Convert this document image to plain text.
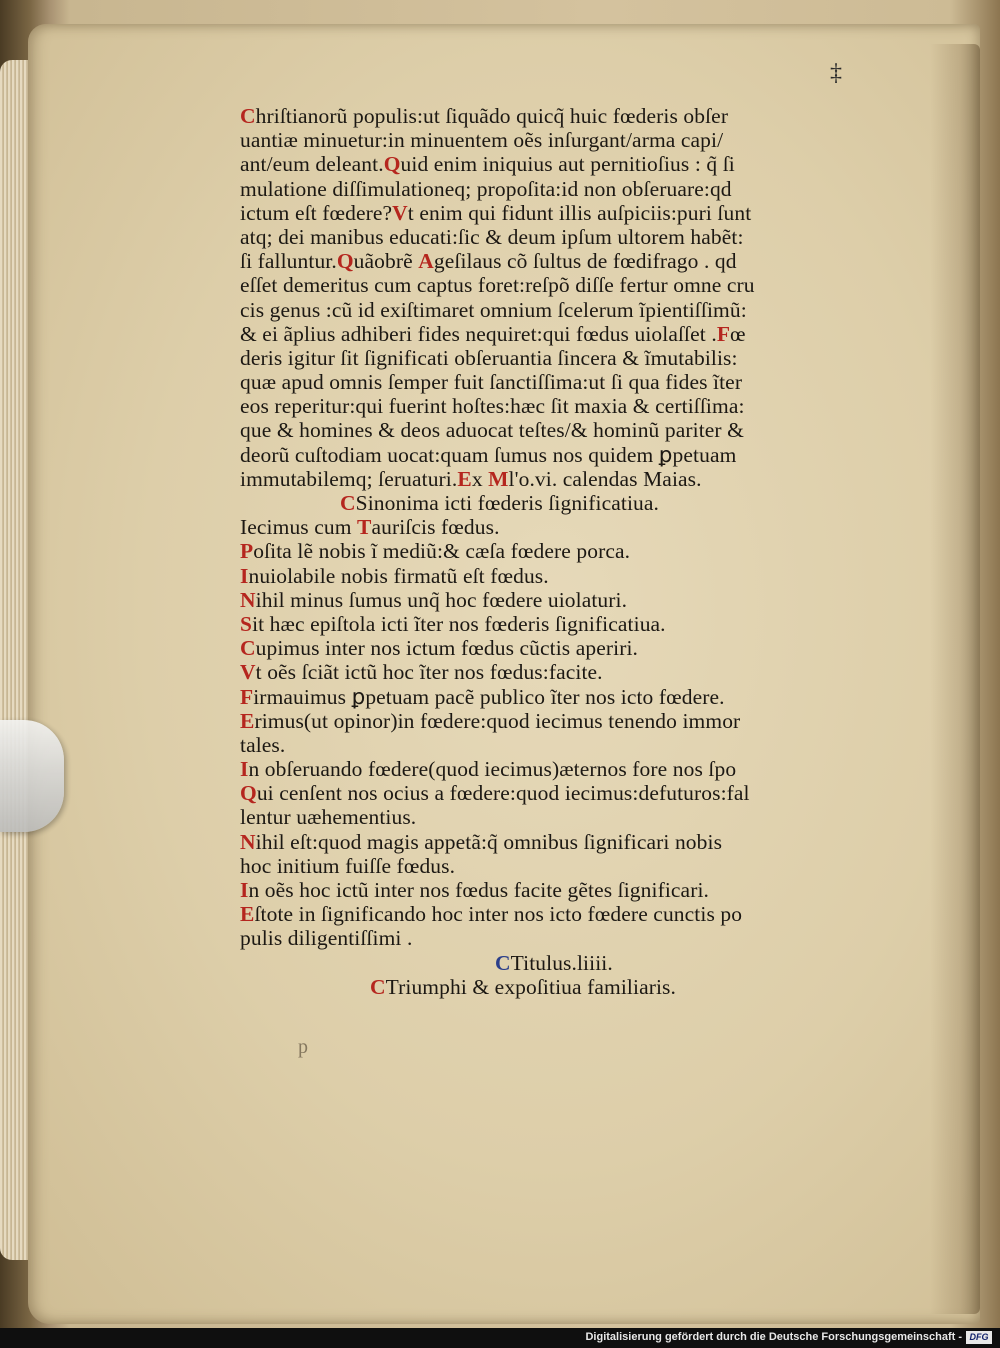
‡
Chriſtianorũ populis:ut ſiquãdo quicq̃ huic fœderis obſer
uantiæ minuetur:in minuentem oẽs inſurgant/arma capi/
ant/eum deleant.Quid enim iniquius aut pernitioſius : q̃ ſi
mulatione diſſimulationeq; propoſita:id non obſeruare:qd
ictum eſt fœdere?Vt enim qui fidunt illis auſpiciis:puri ſunt
atq; dei manibus educati:ſic & deum ipſum ultorem habẽt:
ſi falluntur.Quãobrẽ Ageſilaus cõ ſultus de fœdifrago . qd
eſſet demeritus cum captus foret:reſpõ diſſe fertur omne cru
cis genus :cũ id exiſtimaret omnium ſcelerum ĩpientiſſimũ:
& ei ãplius adhiberi fides nequiret:qui fœdus uiolaſſet .Fœ
deris igitur ſit ſignificati obſeruantia ſincera & ĩmutabilis:
quæ apud omnis ſemper fuit ſanctiſſima:ut ſi qua fides ĩter
eos reperitur:qui fuerint hoſtes:hæc ſit maxia & certiſſima:
que & homines & deos aduocat teſtes/& hominũ pariter &
deorũ cuſtodiam uocat:quam ſumus nos quidem ꝑpetuam
immutabilemq; ſeruaturi.Ex Ml'o.vi. calendas Maias.
CSinonima icti fœderis ſignificatiua.
Iecimus cum Tauriſcis fœdus.
Poſita lẽ nobis ĩ mediũ:& cæſa fœdere porca.
Inuiolabile nobis firmatũ eſt fœdus.
Nihil minus ſumus unq̃ hoc fœdere uiolaturi.
Sit hæc epiſtola icti ĩter nos fœderis ſignificatiua.
Cupimus inter nos ictum fœdus cũctis aperiri.
Vt oẽs ſciãt ictũ hoc ĩter nos fœdus:facite.
Firmauimus ꝑpetuam pacẽ publico ĩter nos icto fœdere.
Erimus(ut opinor)in fœdere:quod iecimus tenendo immor
tales.
In obſeruando fœdere(quod iecimus)æternos fore nos ſpo
Qui cenſent nos ocius a fœdere:quod iecimus:defuturos:fal
lentur uæhementius.
Nihil eſt:quod magis appetã:q̃ omnibus ſignificari nobis
hoc initium fuiſſe fœdus.
In oẽs hoc ictũ inter nos fœdus facite gẽtes ſignificari.
Eſtote in ſignificando hoc inter nos icto fœdere cunctis po
pulis diligentiſſimi .
CTitulus.liiii.
CTriumphi & expoſitiua familiaris.
p
Digitalisierung gefördert durch die Deutsche Forschungsgemeinschaft - DFG
